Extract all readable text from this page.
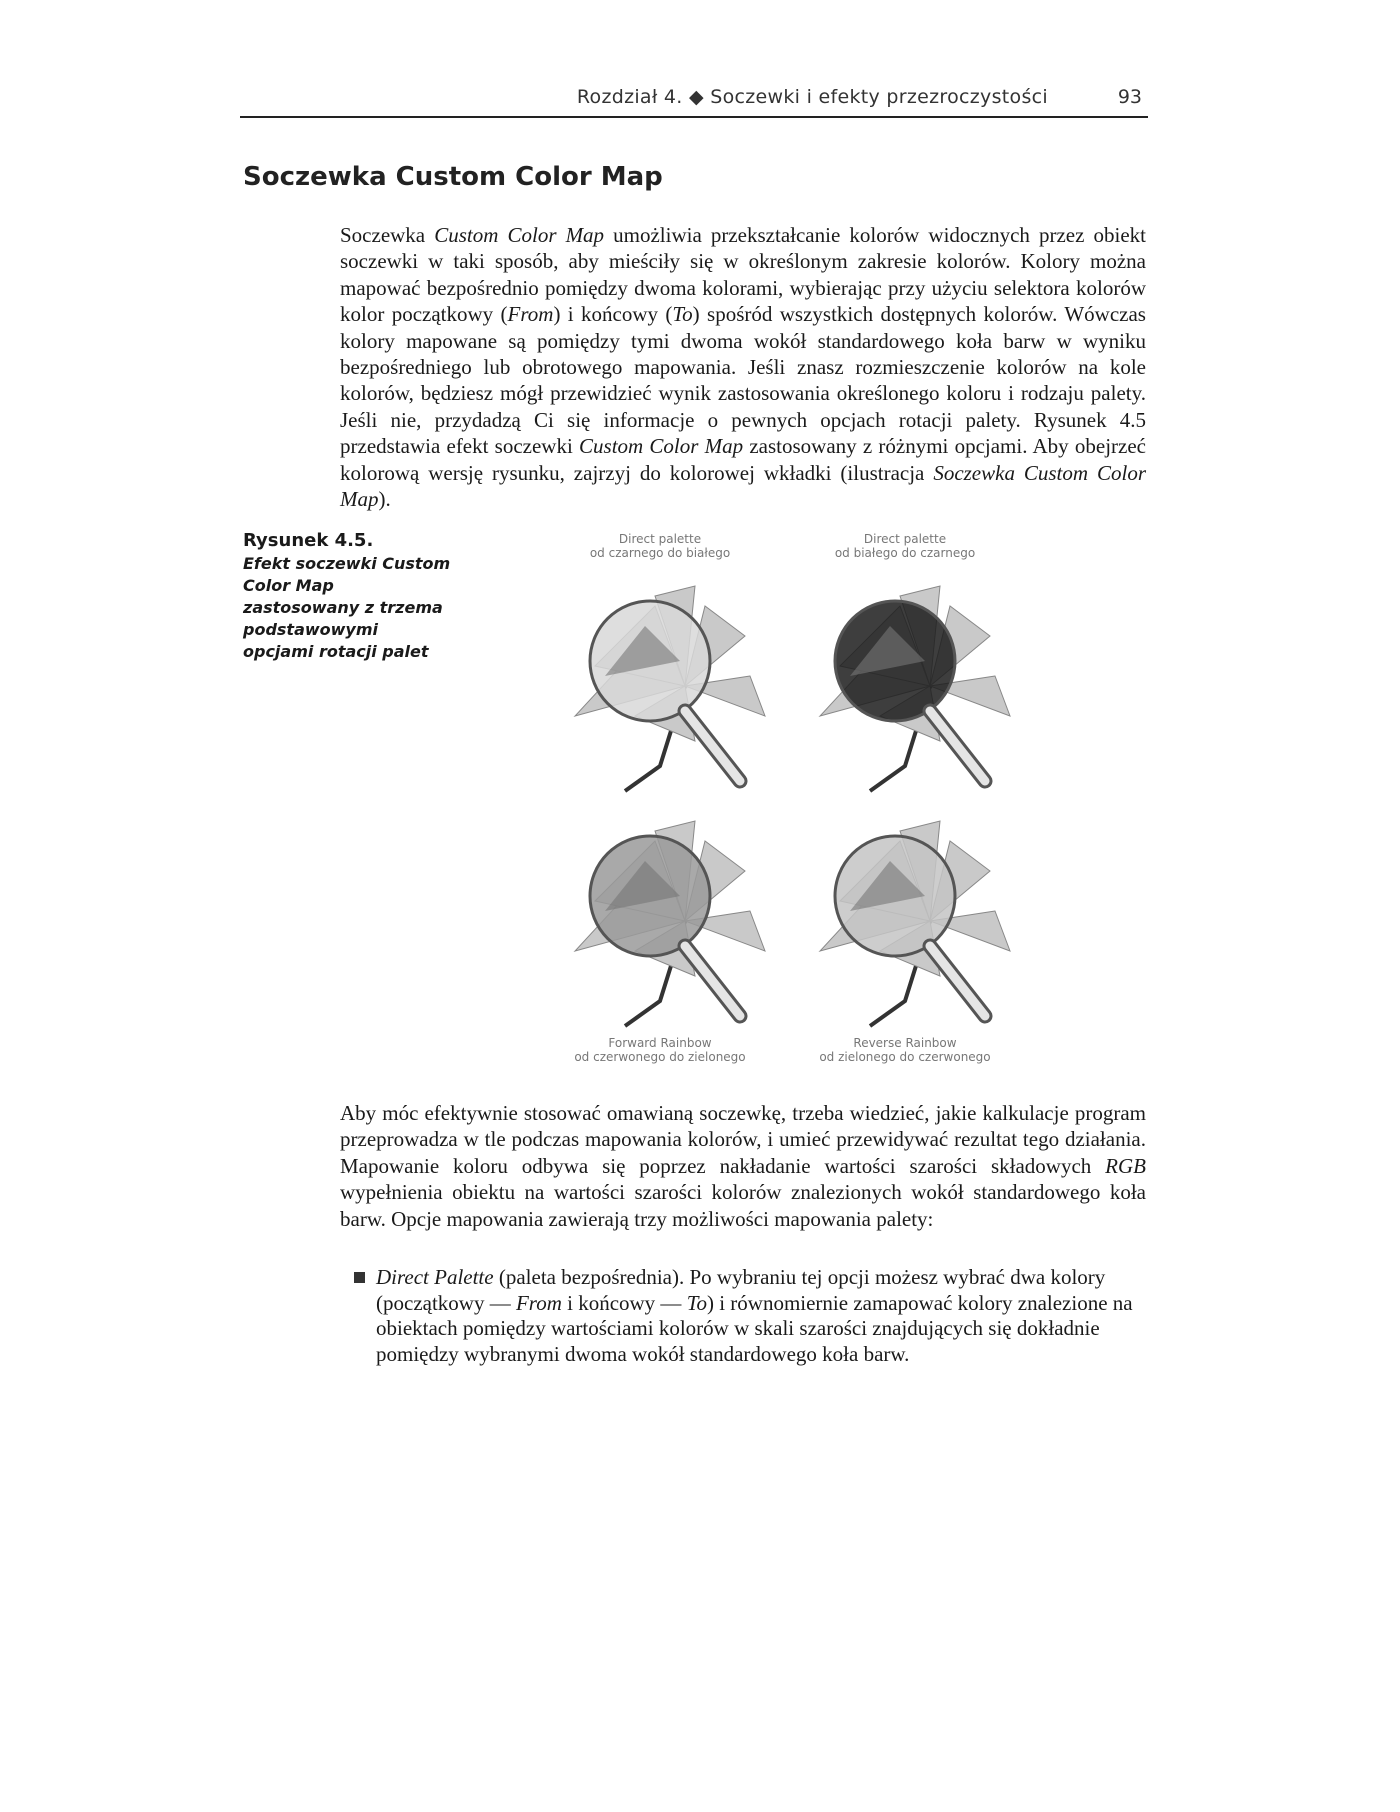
Rozdział 4. ◆ Soczewki i efekty przezroczystości	93
Soczewka Custom Color Map

Soczewka Custom Color Map umożliwia przekształcanie kolorów widocznych przez obiekt soczewki w taki sposób, aby mieściły się w określonym zakresie kolorów. Kolory można mapować bezpośrednio pomiędzy dwoma kolorami, wybierając przy użyciu selektora kolorów kolor początkowy (From) i końcowy (To) spośród wszystkich dostępnych kolorów. Wówczas kolory mapowane są pomiędzy tymi dwoma wokół standardowego koła barw w wyniku bezpośredniego lub obrotowego mapowania. Jeśli znasz rozmieszczenie kolorów na kole kolorów, będziesz mógł przewidzieć wynik zastosowania określonego koloru i rodzaju palety. Jeśli nie, przydadzą Ci się informacje o pewnych opcjach rotacji palety. Rysunek 4.5 przedstawia efekt soczewki Custom Color Map zastosowany z różnymi opcjami. Aby obejrzeć kolorową wersję rysunku, zajrzyj do kolorowej wkładki (ilustracja Soczewka Custom Color Map).

Rysunek 4.5.
Efekt soczewki Custom Color Map zastosowany z trzema podstawowymi opcjami rotacji palet
Direct palette
od czarnego do białego
Direct palette
od białego do czarnego
Forward Rainbow
od czerwonego do zielonego
Reverse Rainbow
od zielonego do czerwonego

Aby móc efektywnie stosować omawianą soczewkę, trzeba wiedzieć, jakie kalkulacje program przeprowadza w tle podczas mapowania kolorów, i umieć przewidywać rezultat tego działania. Mapowanie koloru odbywa się poprzez nakładanie wartości szarości składowych RGB wypełnienia obiektu na wartości szarości kolorów znalezionych wokół standardowego koła barw. Opcje mapowania zawierają trzy możliwości mapowania palety:

Direct Palette (paleta bezpośrednia). Po wybraniu tej opcji możesz wybrać dwa kolory (początkowy — From i końcowy — To) i równomiernie zamapować kolory znalezione na obiektach pomiędzy wartościami kolorów w skali szarości znajdujących się dokładnie pomiędzy wybranymi dwoma wokół standardowego koła barw.
